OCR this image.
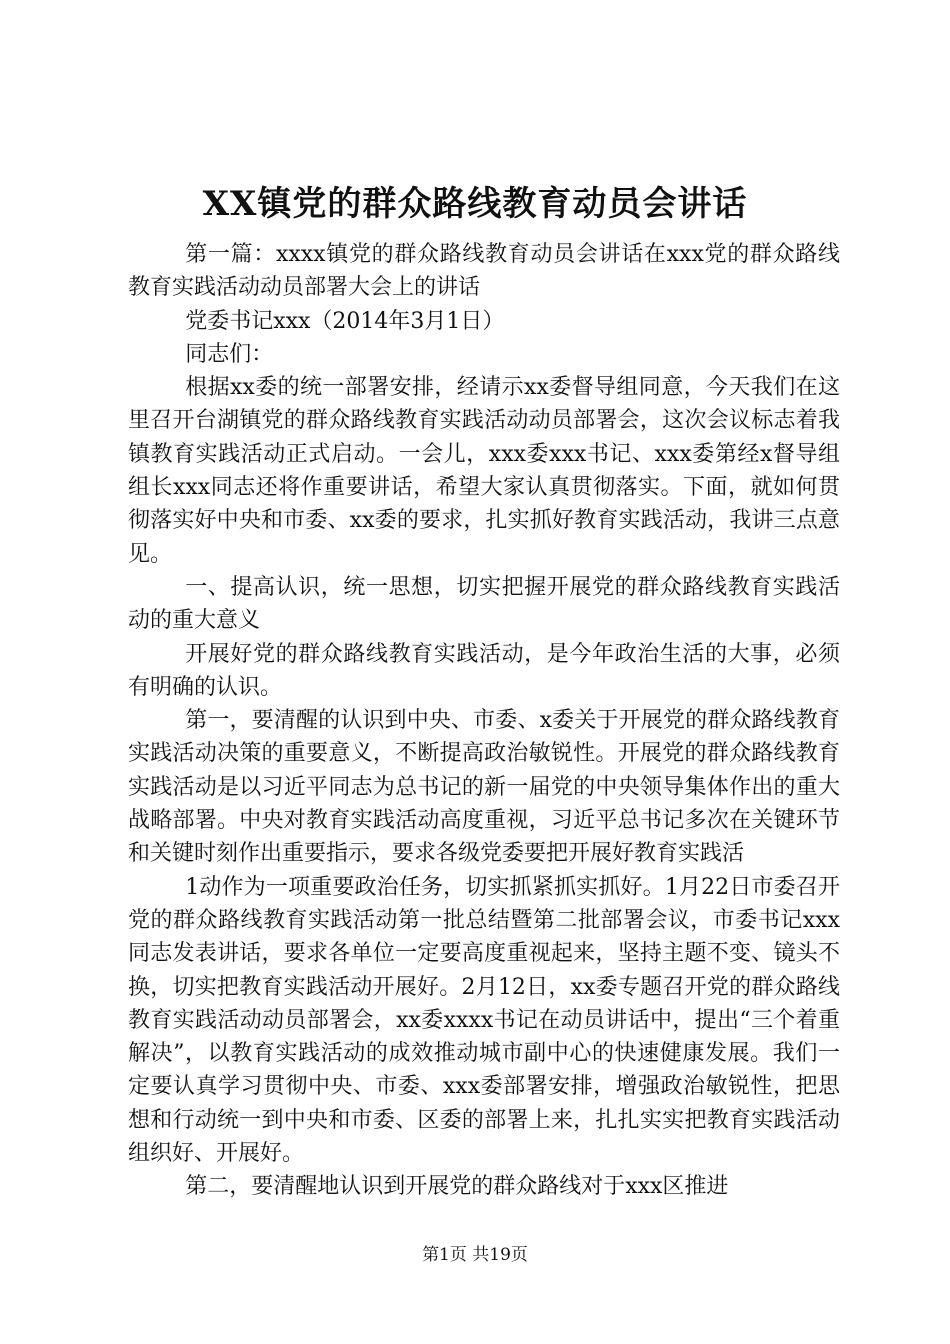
XX镇党的群众路线教育动员会讲话

第一篇：xxxx镇党的群众路线教育动员会讲话在xxx党的群众路线教育实践活动动员部署大会上的讲话

党委书记xxx（2014年3月1日）

同志们：

根据xx委的统一部署安排，经请示xx委督导组同意，今天我们在这里召开台湖镇党的群众路线教育实践活动动员部署会，这次会议标志着我镇教育实践活动正式启动。一会儿，xxx委xxx书记、xxx委第经x督导组组长xxx同志还将作重要讲话，希望大家认真贯彻落实。下面，就如何贯彻落实好中央和市委、xx委的要求，扎实抓好教育实践活动，我讲三点意见。

一、提高认识，统一思想，切实把握开展党的群众路线教育实践活动的重大意义

开展好党的群众路线教育实践活动，是今年政治生活的大事，必须有明确的认识。

第一，要清醒的认识到中央、市委、x委关于开展党的群众路线教育实践活动决策的重要意义，不断提高政治敏锐性。开展党的群众路线教育实践活动是以习近平同志为总书记的新一届党的中央领导集体作出的重大战略部署。中央对教育实践活动高度重视，习近平总书记多次在关键环节和关键时刻作出重要指示，要求各级党委要把开展好教育实践活

1动作为一项重要政治任务，切实抓紧抓实抓好。1月22日市委召开党的群众路线教育实践活动第一批总结暨第二批部署会议，市委书记xxx同志发表讲话，要求各单位一定要高度重视起来，坚持主题不变、镜头不换，切实把教育实践活动开展好。2月12日，xx委专题召开党的群众路线教育实践活动动员部署会，xx委xxxx书记在动员讲话中，提出“三个着重解决”，以教育实践活动的成效推动城市副中心的快速健康发展。我们一定要认真学习贯彻中央、市委、xxx委部署安排，增强政治敏锐性，把思想和行动统一到中央和市委、区委的部署上来，扎扎实实把教育实践活动组织好、开展好。

第二，要清醒地认识到开展党的群众路线对于xxx区推进

第1页 共19页
